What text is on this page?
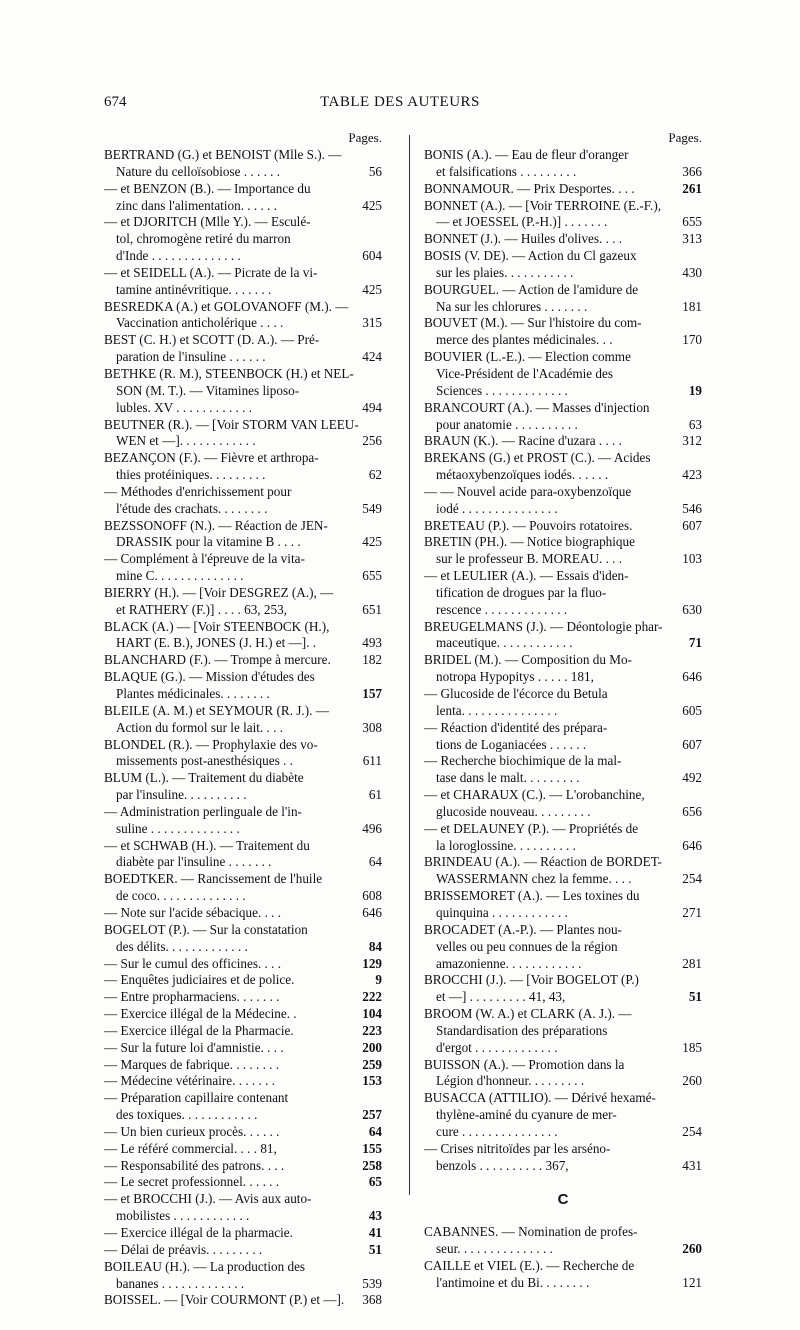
674	TABLE DES AUTEURS
Pages.
BERTRAND (G.) et BENOIST (Mlle S.). —
Nature du celloïsobiose . . . . . .	56
— et BENZON (B.). — Importance du
zinc dans l'alimentation. . . . . .	425
— et DJORITCH (Mlle Y.). — Esculé-
tol, chromogène retiré du marron
d'Inde . . . . . . . . . . . . . .	604
— et SEIDELL (A.). — Picrate de la vi-
tamine antinévritique. . . . . . .	425
BESREDKA (A.) et GOLOVANOFF (M.). —
Vaccination anticholérique . . . .	315
BEST (C. H.) et SCOTT (D. A.). — Pré-
paration de l'insuline . . . . . .	424
BETHKE (R. M.), STEENBOCK (H.) et NEL-
SON (M. T.). — Vitamines liposo-
lubles. XV . . . . . . . . . . . .	494
BEUTNER (R.). — [Voir STORM VAN LEEU-
WEN et —]. . . . . . . . . . . .	256
BEZANÇON (F.). — Fièvre et arthropa-
thies protéiniques. . . . . . . . .	62
— Méthodes d'enrichissement pour
l'étude des crachats. . . . . . . .	549
BEZSSONOFF (N.). — Réaction de JEN-
DRASSIK pour la vitamine B . . . .	425
— Complément à l'épreuve de la vita-
mine C. . . . . . . . . . . . . .	655
BIERRY (H.). — [Voir DESGREZ (A.), —
et RATHERY (F.)] . . . . 63, 253,	651
BLACK (A.) — [Voir STEENBOCK (H.),
HART (E. B.), JONES (J. H.) et —]. .	493
BLANCHARD (F.). — Trompe à mercure.	182
BLAQUE (G.). — Mission d'études des
Plantes médicinales. . . . . . . .	157
BLEILE (A. M.) et SEYMOUR (R. J.). —
Action du formol sur le lait. . . .	308
BLONDEL (R.). — Prophylaxie des vo-
missements post-anesthésiques . .	611
BLUM (L.). — Traitement du diabète
par l'insuline. . . . . . . . . .	61
— Administration perlinguale de l'in-
suline . . . . . . . . . . . . . .	496
— et SCHWAB (H.). — Traitement du
diabète par l'insuline . . . . . . .	64
BOEDTKER. — Rancissement de l'huile
de coco. . . . . . . . . . . . . .	608
— Note sur l'acide sébacique. . . .	646
BOGELOT (P.). — Sur la constatation
des délits. . . . . . . . . . . . .	84
— Sur le cumul des officines. . . .	129
— Enquêtes judiciaires et de police.	9
— Entre propharmaciens. . . . . . .	222
— Exercice illégal de la Médecine. .	104
— Exercice illégal de la Pharmacie.	223
— Sur la future loi d'amnistie. . . .	200
— Marques de fabrique. . . . . . . .	259
— Médecine vétérinaire. . . . . . .	153
— Préparation capillaire contenant
des toxiques. . . . . . . . . . . .	257
— Un bien curieux procès. . . . . .	64
— Le référé commercial. . . . 81,	155
— Responsabilité des patrons. . . .	258
— Le secret professionnel. . . . . .	65
— et BROCCHI (J.). — Avis aux auto-
mobilistes . . . . . . . . . . . .	43
— Exercice illégal de la pharmacie.	41
— Délai de préavis. . . . . . . . .	51
BOILEAU (H.). — La production des
bananes . . . . . . . . . . . . .	539
BOISSEL. — [Voir COURMONT (P.) et —].	368
Pages.
BONIS (A.). — Eau de fleur d'oranger
et falsifications . . . . . . . . .	366
BONNAMOUR. — Prix Desportes. . . .	261
BONNET (A.). — [Voir TERROINE (E.-F.),
— et JOESSEL (P.-H.)] . . . . . . .	655
BONNET (J.). — Huiles d'olives. . . .	313
BOSIS (V. DE). — Action du Cl gazeux
sur les plaies. . . . . . . . . . .	430
BOURGUEL. — Action de l'amidure de
Na sur les chlorures . . . . . . .	181
BOUVET (M.). — Sur l'histoire du com-
merce des plantes médicinales. . .	170
BOUVIER (L.-E.). — Election comme
Vice-Président de l'Académie des
Sciences . . . . . . . . . . . . .	19
BRANCOURT (A.). — Masses d'injection
pour anatomie . . . . . . . . . .	63
BRAUN (K.). — Racine d'uzara . . . .	312
BREKANS (G.) et PROST (C.). — Acides
métaoxybenzoïques iodés. . . . . .	423
— — Nouvel acide para-oxybenzoïque
iodé . . . . . . . . . . . . . . .	546
BRETEAU (P.). — Pouvoirs rotatoires.	607
BRETIN (PH.). — Notice biographique
sur le professeur B. MOREAU. . . .	103
— et LEULIER (A.). — Essais d'iden-
tification de drogues par la fluo-
rescence . . . . . . . . . . . . .	630
BREUGELMANS (J.). — Déontologie phar-
maceutique. . . . . . . . . . . .	71
BRIDEL (M.). — Composition du Mo-
notropa Hypopitys . . . . . 181,	646
— Glucoside de l'écorce du Betula
lenta. . . . . . . . . . . . . . .	605
— Réaction d'identité des prépara-
tions de Loganiacées . . . . . .	607
— Recherche biochimique de la mal-
tase dans le malt. . . . . . . . .	492
— et CHARAUX (C.). — L'orobanchine,
glucoside nouveau. . . . . . . . .	656
— et DELAUNEY (P.). — Propriétés de
la loroglossine. . . . . . . . . .	646
BRINDEAU (A.). — Réaction de BORDET-
WASSERMANN chez la femme. . . .	254
BRISSEMORET (A.). — Les toxines du
quinquina . . . . . . . . . . . .	271
BROCADET (A.-P.). — Plantes nou-
velles ou peu connues de la région
amazonienne. . . . . . . . . . . .	281
BROCCHI (J.). — [Voir BOGELOT (P.)
et —] . . . . . . . . . 41, 43,	51
BROOM (W. A.) et CLARK (A. J.). —
Standardisation des préparations
d'ergot . . . . . . . . . . . . .	185
BUISSON (A.). — Promotion dans la
Légion d'honneur. . . . . . . . .	260
BUSACCA (ATTILIO). — Dérivé hexamé-
thylène-aminé du cyanure de mer-
cure . . . . . . . . . . . . . . .	254
— Crises nitritoïdes par les arséno-
benzols . . . . . . . . . . 367,	431
C
CABANNES. — Nomination de profes-
seur. . . . . . . . . . . . . . .	260
CAILLE et VIEL (E.). — Recherche de
l'antimoine et du Bi. . . . . . . .	121
